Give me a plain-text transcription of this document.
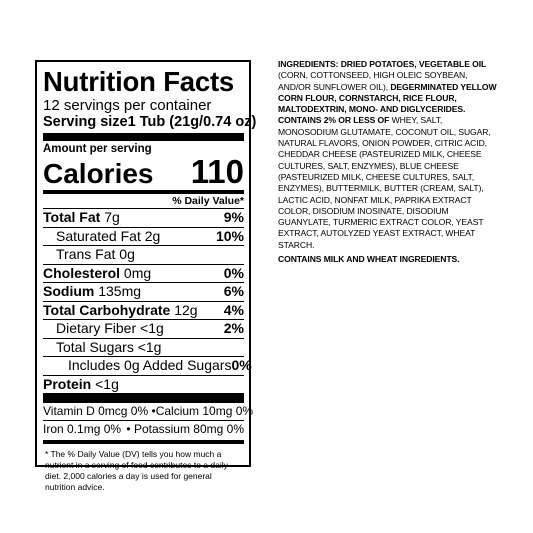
Nutrition Facts
12 servings per container
Serving size 1 Tub (21g/0.74 oz)
Amount per serving
Calories 110
% Daily Value*
Total Fat 7g	9%
Saturated Fat 2g	10%
Trans Fat 0g
Cholesterol 0mg	0%
Sodium 135mg	6%
Total Carbohydrate 12g 4%
Dietary Fiber <1g	2%
Total Sugars <1g
Includes 0g Added Sugars 0%
Protein <1g
Vitamin D 0mcg 0% • Calcium 10mg 0%
Iron 0.1mg 0% • Potassium 80mg 0%
* The % Daily Value (DV) tells you how much a nutrient in a serving of food contributes to a daily diet. 2,000 calories a day is used for general nutrition advice.

INGREDIENTS: DRIED POTATOES, VEGETABLE OIL (CORN, COTTONSEED, HIGH OLEIC SOYBEAN, AND/OR SUNFLOWER OIL), DEGERMINATED YELLOW CORN FLOUR, CORNSTARCH, RICE FLOUR, MALTODEXTRIN, MONO- AND DIGLYCERIDES. CONTAINS 2% OR LESS OF WHEY, SALT, MONOSODIUM GLUTAMATE, COCONUT OIL, SUGAR, NATURAL FLAVORS, ONION POWDER, CITRIC ACID, CHEDDAR CHEESE (PASTEURIZED MILK, CHEESE CULTURES, SALT, ENZYMES), BLUE CHEESE (PASTEURIZED MILK, CHEESE CULTURES, SALT, ENZYMES), BUTTERMILK, BUTTER (CREAM, SALT), LACTIC ACID, NONFAT MILK, PAPRIKA EXTRACT COLOR, DISODIUM INOSINATE, DISODIUM GUANYLATE, TURMERIC EXTRACT COLOR, YEAST EXTRACT, AUTOLYZED YEAST EXTRACT, WHEAT STARCH.

CONTAINS MILK AND WHEAT INGREDIENTS.
